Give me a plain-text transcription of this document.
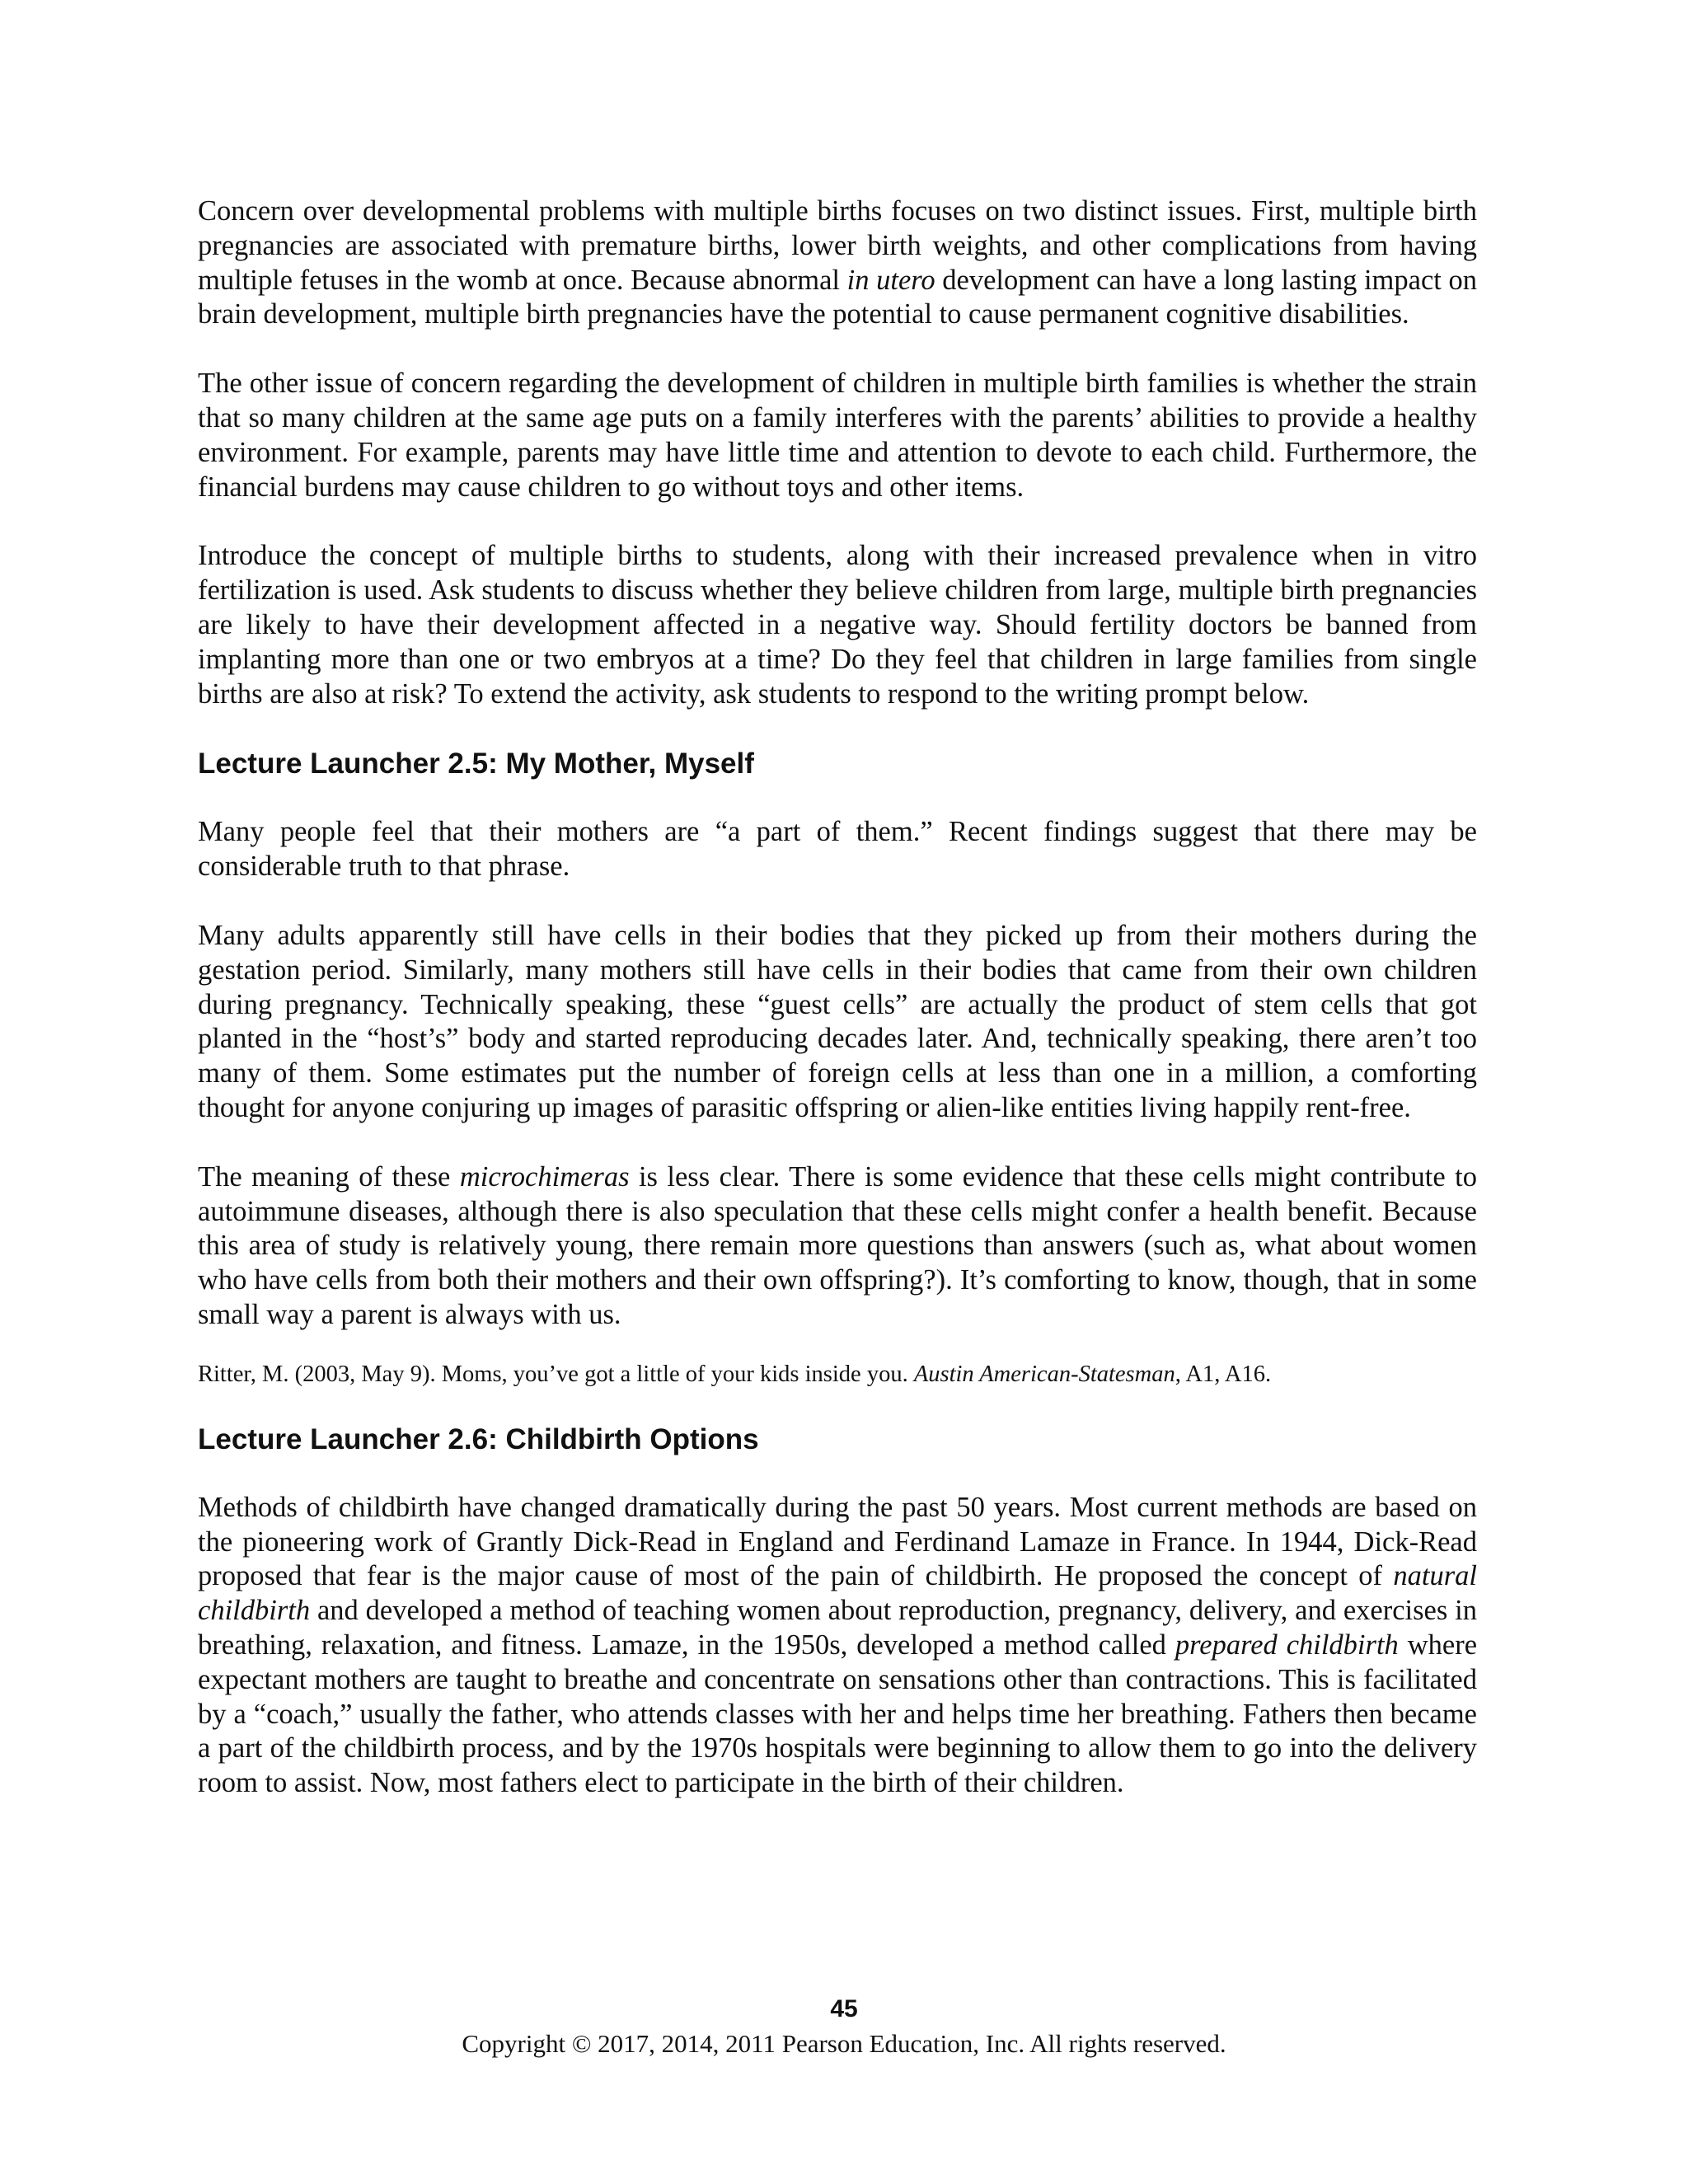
Concern over developmental problems with multiple births focuses on two distinct issues. First, multiple birth pregnancies are associated with premature births, lower birth weights, and other complications from having multiple fetuses in the womb at once. Because abnormal in utero development can have a long lasting impact on brain development, multiple birth pregnancies have the potential to cause permanent cognitive disabilities.

The other issue of concern regarding the development of children in multiple birth families is whether the strain that so many children at the same age puts on a family interferes with the parents’ abilities to provide a healthy environment. For example, parents may have little time and attention to devote to each child. Furthermore, the financial burdens may cause children to go without toys and other items.

Introduce the concept of multiple births to students, along with their increased prevalence when in vitro fertilization is used. Ask students to discuss whether they believe children from large, multiple birth pregnancies are likely to have their development affected in a negative way. Should fertility doctors be banned from implanting more than one or two embryos at a time? Do they feel that children in large families from single births are also at risk? To extend the activity, ask students to respond to the writing prompt below.

Lecture Launcher 2.5: My Mother, Myself

Many people feel that their mothers are “a part of them.” Recent findings suggest that there may be considerable truth to that phrase.

Many adults apparently still have cells in their bodies that they picked up from their mothers during the gestation period. Similarly, many mothers still have cells in their bodies that came from their own children during pregnancy. Technically speaking, these “guest cells” are actually the product of stem cells that got planted in the “host’s” body and started reproducing decades later. And, technically speaking, there aren’t too many of them. Some estimates put the number of foreign cells at less than one in a million, a comforting thought for anyone conjuring up images of parasitic offspring or alien-like entities living happily rent-free.

The meaning of these microchimeras is less clear. There is some evidence that these cells might contribute to autoimmune diseases, although there is also speculation that these cells might confer a health benefit. Because this area of study is relatively young, there remain more questions than answers (such as, what about women who have cells from both their mothers and their own offspring?). It’s comforting to know, though, that in some small way a parent is always with us.

Ritter, M. (2003, May 9). Moms, you’ve got a little of your kids inside you. Austin American-Statesman, A1, A16.

Lecture Launcher 2.6: Childbirth Options

Methods of childbirth have changed dramatically during the past 50 years. Most current methods are based on the pioneering work of Grantly Dick-Read in England and Ferdinand Lamaze in France. In 1944, Dick-Read proposed that fear is the major cause of most of the pain of childbirth. He proposed the concept of natural childbirth and developed a method of teaching women about reproduction, pregnancy, delivery, and exercises in breathing, relaxation, and fitness. Lamaze, in the 1950s, developed a method called prepared childbirth where expectant mothers are taught to breathe and concentrate on sensations other than contractions. This is facilitated by a “coach,” usually the father, who attends classes with her and helps time her breathing. Fathers then became a part of the childbirth process, and by the 1970s hospitals were beginning to allow them to go into the delivery room to assist. Now, most fathers elect to participate in the birth of their children.

45
Copyright © 2017, 2014, 2011 Pearson Education, Inc. All rights reserved.
